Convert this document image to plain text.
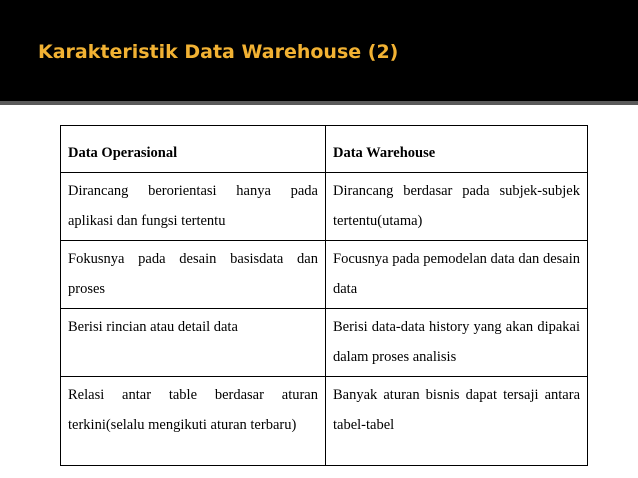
Karakteristik Data Warehouse (2)
Data Operasional	Data Warehouse
Dirancang berorientasi hanya pada aplikasi dan fungsi tertentu	Dirancang berdasar pada subjek-subjek tertentu(utama)
Fokusnya pada desain basisdata dan proses	Focusnya pada pemodelan data dan desain data
Berisi rincian atau detail data	Berisi data-data history yang akan dipakai dalam proses analisis
Relasi antar table berdasar aturan terkini(selalu mengikuti aturan terbaru)	Banyak aturan bisnis dapat tersaji antara tabel-tabel
